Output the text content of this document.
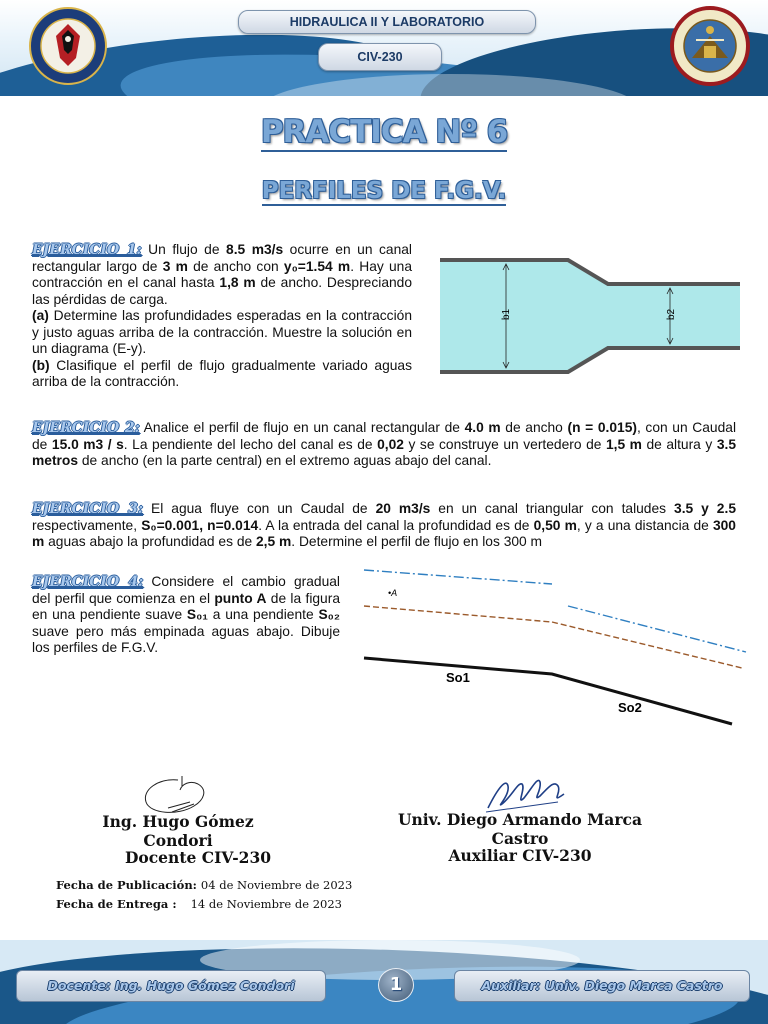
HIDRAULICA II Y LABORATORIO
CIV-230
PRACTICA Nº 6
PERFILES DE F.G.V.
EJERCICIO 1: Un flujo de 8.5 m3/s ocurre en un canal rectangular largo de 3 m de ancho con y₀=1.54 m. Hay una contracción en el canal hasta 1,8 m de ancho. Despreciando las pérdidas de carga.
(a) Determine las profundidades esperadas en la contracción y justo aguas arriba de la contracción. Muestre la solución en un diagrama (E-y).
(b) Clasifique el perfil de flujo gradualmente variado aguas arriba de la contracción.
b1	b2
EJERCICIO 2: Analice el perfil de flujo en un canal rectangular de 4.0 m de ancho (n = 0.015), con un Caudal de 15.0 m3 / s. La pendiente del lecho del canal es de 0,02 y se construye un vertedero de 1,5 m de altura y 3.5 metros de ancho (en la parte central) en el extremo aguas abajo del canal.
EJERCICIO 3: El agua fluye con un Caudal de 20 m3/s en un canal triangular con taludes 3.5 y 2.5 respectivamente, S₀=0.001, n=0.014. A la entrada del canal la profundidad es de 0,50 m, y a una distancia de 300 m aguas abajo la profundidad es de 2,5 m. Determine el perfil de flujo en los 300 m
EJERCICIO 4: Considere el cambio gradual del perfil que comienza en el punto A de la figura en una pendiente suave S₀₁ a una pendiente S₀₂ suave pero más empinada aguas abajo. Dibuje los perfiles de F.G.V.
•A
So1
So2
Ing. Hugo Gómez Condori
Docente CIV-230
Univ. Diego Armando Marca Castro
Auxiliar CIV-230
Fecha de Publicación: 04 de Noviembre de 2023
Fecha de Entrega : 14 de Noviembre de 2023
Docente: Ing. Hugo Gómez Condori	1	Auxiliar: Univ. Diego Marca Castro
